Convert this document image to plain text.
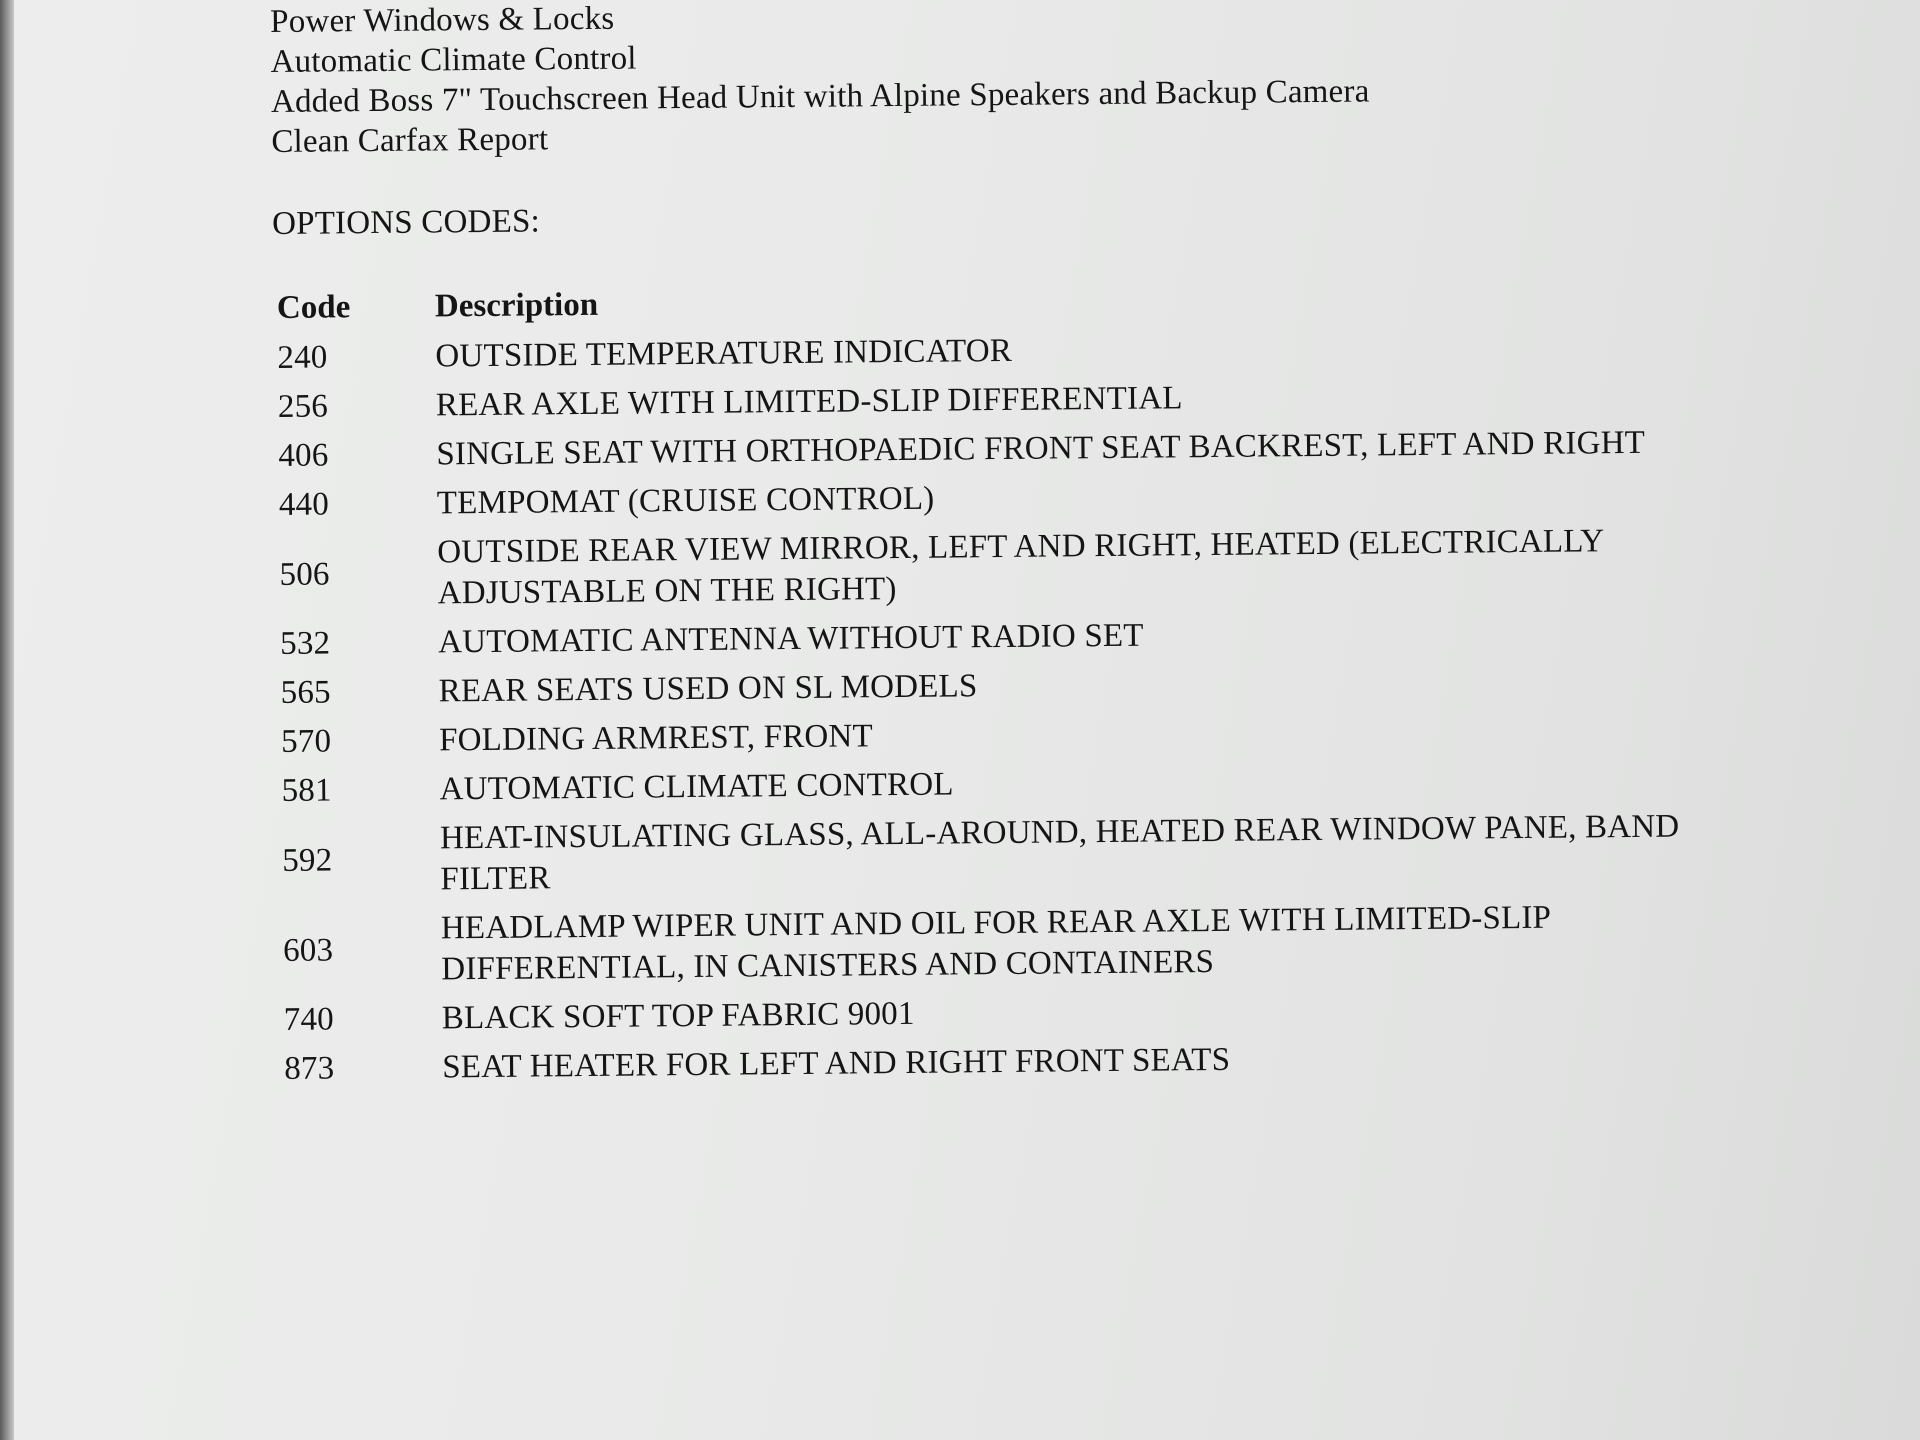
Power Windows & Locks
Automatic Climate Control
Added Boss 7" Touchscreen Head Unit with Alpine Speakers and Backup Camera
Clean Carfax Report
OPTIONS CODES:
Code	Description
240	OUTSIDE TEMPERATURE INDICATOR
256	REAR AXLE WITH LIMITED-SLIP DIFFERENTIAL
406	SINGLE SEAT WITH ORTHOPAEDIC FRONT SEAT BACKREST, LEFT AND RIGHT
440	TEMPOMAT (CRUISE CONTROL)
506	OUTSIDE REAR VIEW MIRROR, LEFT AND RIGHT, HEATED (ELECTRICALLY ADJUSTABLE ON THE RIGHT)
532	AUTOMATIC ANTENNA WITHOUT RADIO SET
565	REAR SEATS USED ON SL MODELS
570	FOLDING ARMREST, FRONT
581	AUTOMATIC CLIMATE CONTROL
592	HEAT-INSULATING GLASS, ALL-AROUND, HEATED REAR WINDOW PANE, BAND FILTER
603	HEADLAMP WIPER UNIT AND OIL FOR REAR AXLE WITH LIMITED-SLIP DIFFERENTIAL, IN CANISTERS AND CONTAINERS
740	BLACK SOFT TOP FABRIC 9001
873	SEAT HEATER FOR LEFT AND RIGHT FRONT SEATS
